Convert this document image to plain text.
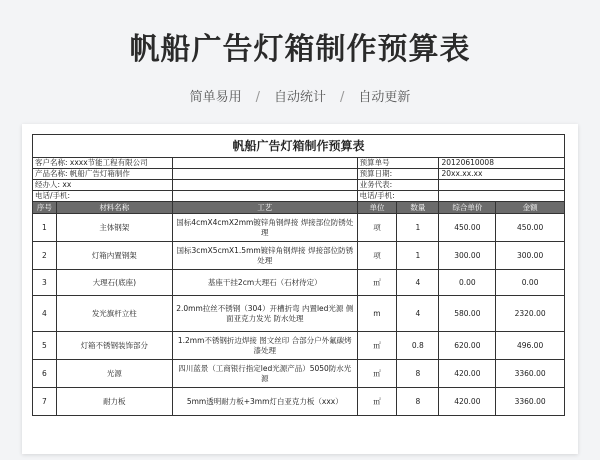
帆船广告灯箱制作预算表
简单易用 / 自动统计 / 自动更新
帆船广告灯箱制作预算表						
客户名称: xxxx节能工程有限公司			预算单号		20120610008	
产品名称: 帆船广告灯箱制作			预算日期:		20xx.xx.xx	
经办人: xx			业务代表:			
电话/手机:			电话/手机:			
序号	材料名称	工艺	单位	数量	综合单价	金额
1	主体钢架	国标4cmX4cmX2mm镀锌角钢焊接 焊接部位防锈处理	项	1	450.00	450.00
2	灯箱内置钢架	国标3cmX5cmX1.5mm镀锌角钢焊接 焊接部位防锈处理	项	1	300.00	300.00
3	大理石(底座)	基座干挂2cm大理石（石材待定）	㎡	4	0.00	0.00
4	发光旗杆立柱	2.0mm拉丝不锈钢（304）开槽折弯 内置led光源 侧面亚克力发光 防水处理	m	4	580.00	2320.00
5	灯箱不锈钢装饰部分	1.2mm不锈钢折边焊接 图文丝印 合部分户外氟碳烤漆处理	㎡	0.8	620.00	496.00
6	光源	四川蓝景（工商银行指定led光源产品）5050防水光源	㎡	8	420.00	3360.00
7	耐力板	5mm透明耐力板+3mm灯白亚克力板（xxx）	㎡	8	420.00	3360.00
